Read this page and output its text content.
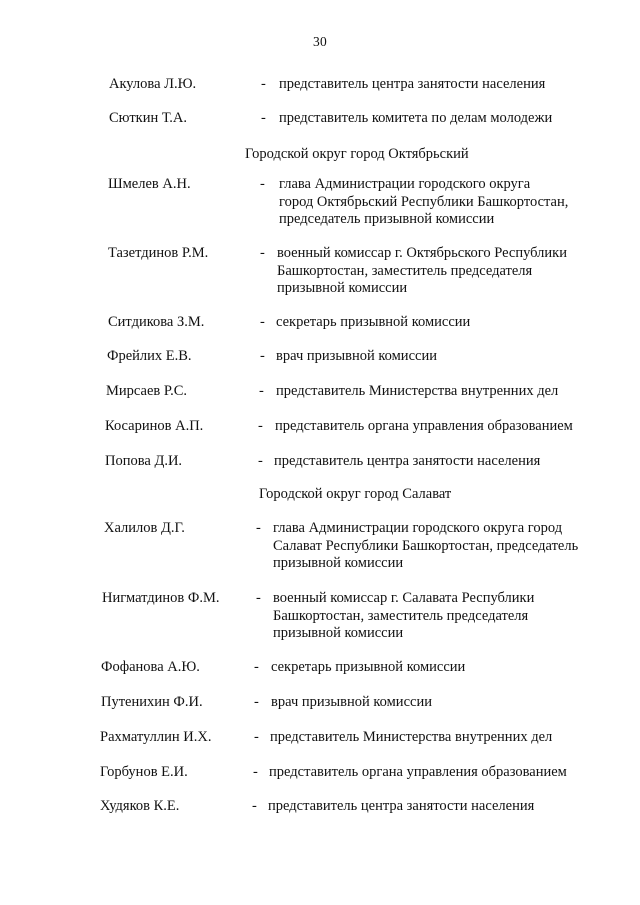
30
Акулова Л.Ю.	- представитель центра занятости населения
Сюткин Т.А.	- представитель комитета по делам молодежи
Городской округ город Октябрьский
Шмелев А.Н.	- глава Администрации городского округа
город Октябрьский Республики Башкортостан,
председатель призывной комиссии
Тазетдинов Р.М.	- военный комиссар г. Октябрьского Республики
Башкортостан, заместитель председателя
призывной комиссии
Ситдикова З.М.	- секретарь призывной комиссии
Фрейлих Е.В.	- врач призывной комиссии
Мирсаев Р.С.	- представитель Министерства внутренних дел
Косаринов А.П.	- представитель органа управления образованием
Попова Д.И.	- представитель центра занятости населения
Городской округ город Салават
Халилов Д.Г.	- глава Администрации городского округа город
Салават Республики Башкортостан, председатель
призывной комиссии
Нигматдинов Ф.М.	- военный комиссар г. Салавата Республики
Башкортостан, заместитель председателя
призывной комиссии
Фофанова А.Ю.	- секретарь призывной комиссии
Путенихин Ф.И.	- врач призывной комиссии
Рахматуллин И.Х.	- представитель Министерства внутренних дел
Горбунов Е.И.	- представитель органа управления образованием
Худяков К.Е.	- представитель центра занятости населения
